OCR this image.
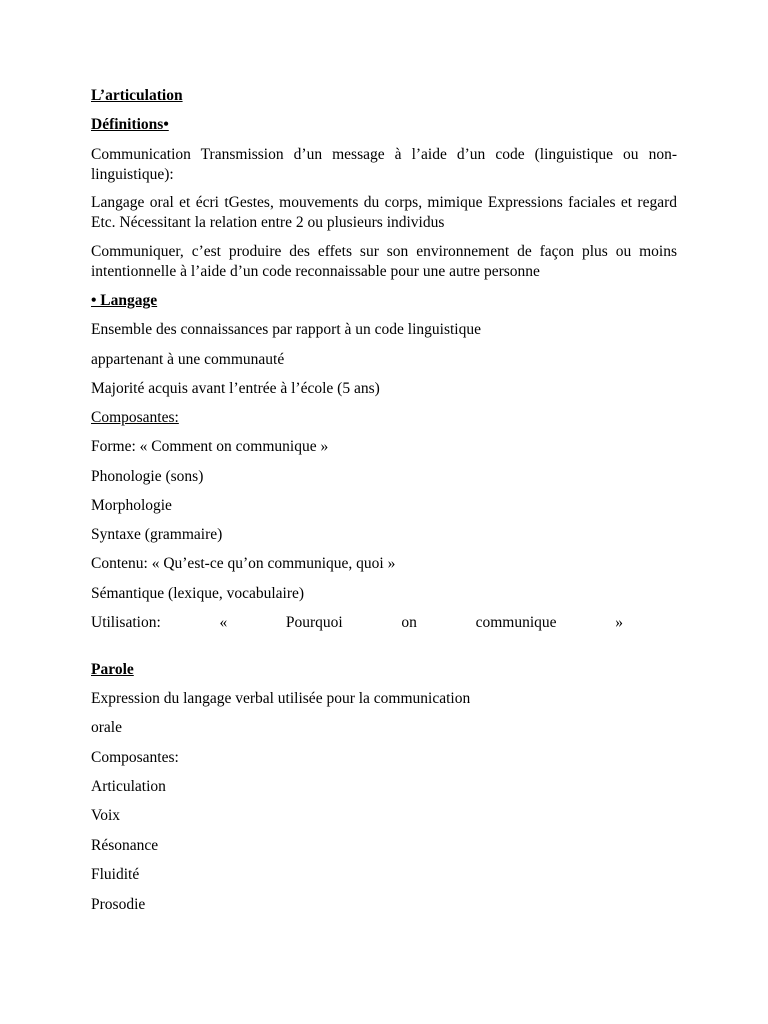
L’articulation
Définitions•
Communication Transmission d’un message à l’aide d’un code (linguistique ou non-linguistique):
Langage oral et écri tGestes, mouvements du corps, mimique Expressions faciales et regard Etc. Nécessitant la relation entre 2 ou plusieurs individus
Communiquer, c’est produire des effets sur son environnement de façon plus ou moins intentionnelle à l’aide d’un code reconnaissable pour une autre personne
• Langage
Ensemble des connaissances par rapport à un code linguistique
appartenant à une communauté
Majorité acquis avant l’entrée à l’école (5 ans)
Composantes:
Forme: « Comment on communique »
Phonologie (sons)
Morphologie
Syntaxe (grammaire)
Contenu: « Qu’est-ce qu’on communique, quoi »
Sémantique (lexique, vocabulaire)
Utilisation:	«	Pourquoi	on	communique	»
Parole
Expression du langage verbal utilisée pour la communication
orale
Composantes:
Articulation
Voix
Résonance
Fluidité
Prosodie
